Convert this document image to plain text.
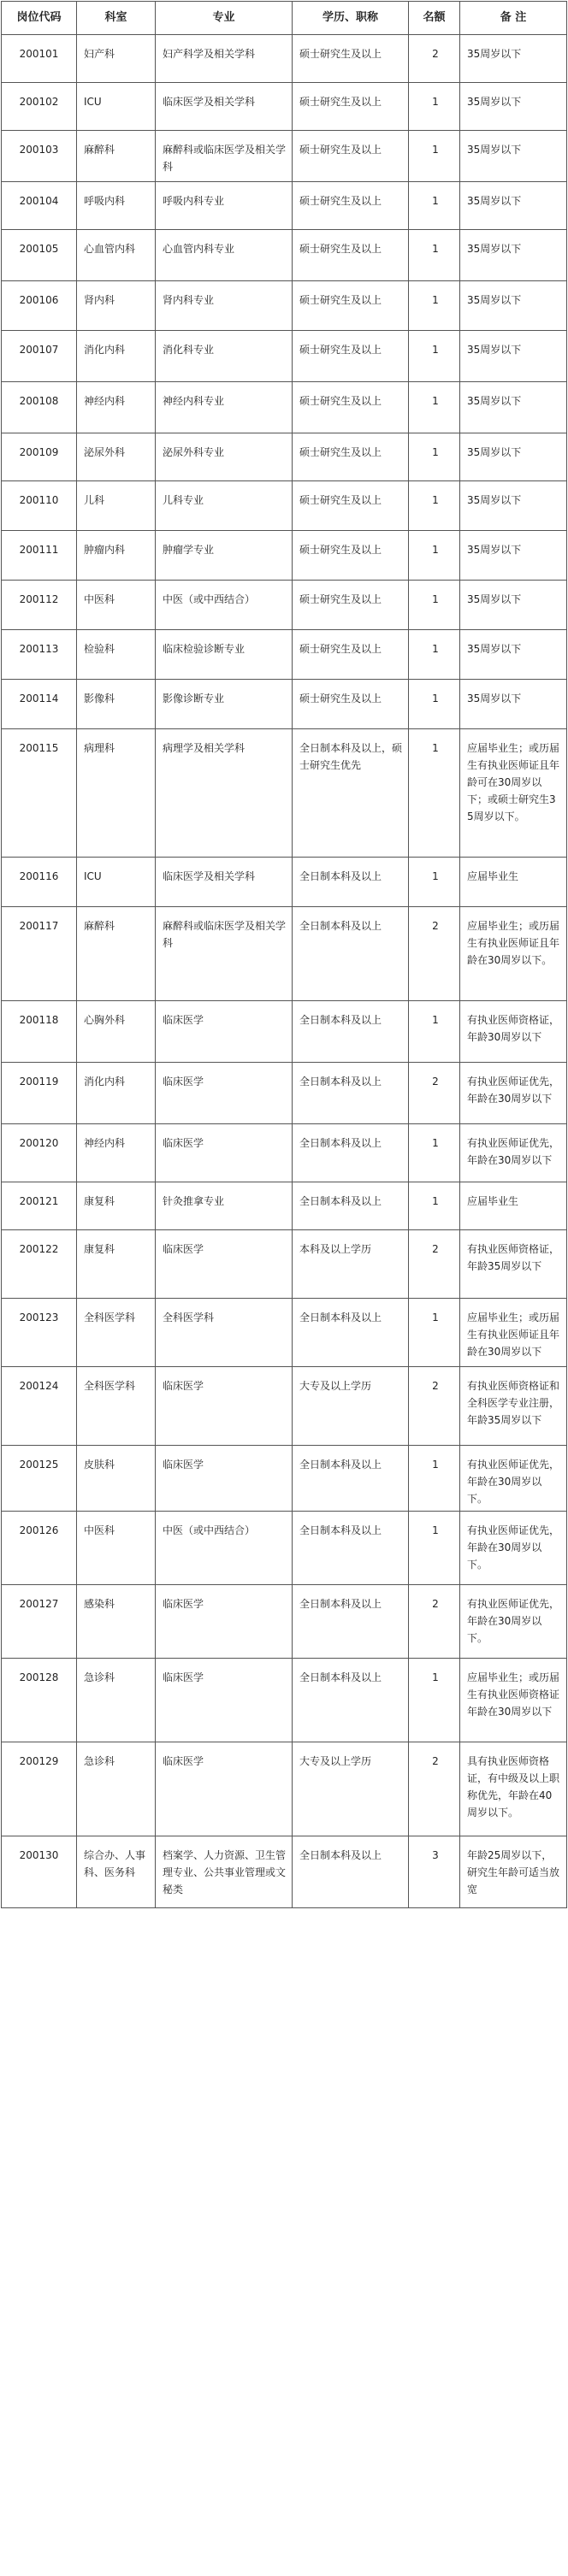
岗位代码	科室	专业	学历、职称	名额	备 注
200101	妇产科	妇产科学及相关学科	硕士研究生及以上	2	35周岁以下
200102	ICU	临床医学及相关学科	硕士研究生及以上	1	35周岁以下
200103	麻醉科	麻醉科或临床医学及相关学科	硕士研究生及以上	1	35周岁以下
200104	呼吸内科	呼吸内科专业	硕士研究生及以上	1	35周岁以下
200105	心血管内科	心血管内科专业	硕士研究生及以上	1	35周岁以下
200106	肾内科	肾内科专业	硕士研究生及以上	1	35周岁以下
200107	消化内科	消化科专业	硕士研究生及以上	1	35周岁以下
200108	神经内科	神经内科专业	硕士研究生及以上	1	35周岁以下
200109	泌尿外科	泌尿外科专业	硕士研究生及以上	1	35周岁以下
200110	儿科	儿科专业	硕士研究生及以上	1	35周岁以下
200111	肿瘤内科	肿瘤学专业	硕士研究生及以上	1	35周岁以下
200112	中医科	中医（或中西结合）	硕士研究生及以上	1	35周岁以下
200113	检验科	临床检验诊断专业	硕士研究生及以上	1	35周岁以下
200114	影像科	影像诊断专业	硕士研究生及以上	1	35周岁以下
200115	病理科	病理学及相关学科	全日制本科及以上，硕士研究生优先	1	应届毕业生；或历届生有执业医师证且年龄可在30周岁以下；或硕士研究生35周岁以下。
200116	ICU	临床医学及相关学科	全日制本科及以上	1	应届毕业生
200117	麻醉科	麻醉科或临床医学及相关学科	全日制本科及以上	2	应届毕业生；或历届生有执业医师证且年龄在30周岁以下。
200118	心胸外科	临床医学	全日制本科及以上	1	有执业医师资格证，年龄30周岁以下
200119	消化内科	临床医学	全日制本科及以上	2	有执业医师证优先，年龄在30周岁以下
200120	神经内科	临床医学	全日制本科及以上	1	有执业医师证优先，年龄在30周岁以下
200121	康复科	针灸推拿专业	全日制本科及以上	1	应届毕业生
200122	康复科	临床医学	本科及以上学历	2	有执业医师资格证，年龄35周岁以下
200123	全科医学科	全科医学科	全日制本科及以上	1	应届毕业生；或历届生有执业医师证且年龄在30周岁以下
200124	全科医学科	临床医学	大专及以上学历	2	有执业医师资格证和全科医学专业注册，年龄35周岁以下
200125	皮肤科	临床医学	全日制本科及以上	1	有执业医师证优先，年龄在30周岁以下。
200126	中医科	中医（或中西结合）	全日制本科及以上	1	有执业医师证优先，年龄在30周岁以下。
200127	感染科	临床医学	全日制本科及以上	2	有执业医师证优先，年龄在30周岁以下。
200128	急诊科	临床医学	全日制本科及以上	1	应届毕业生；或历届生有执业医师资格证年龄在30周岁以下
200129	急诊科	临床医学	大专及以上学历	2	具有执业医师资格证，有中级及以上职称优先，年龄在40周岁以下。
200130	综合办、人事科、医务科	档案学、人力资源、卫生管理专业、公共事业管理或文秘类	全日制本科及以上	3	年龄25周岁以下，研究生年龄可适当放宽
